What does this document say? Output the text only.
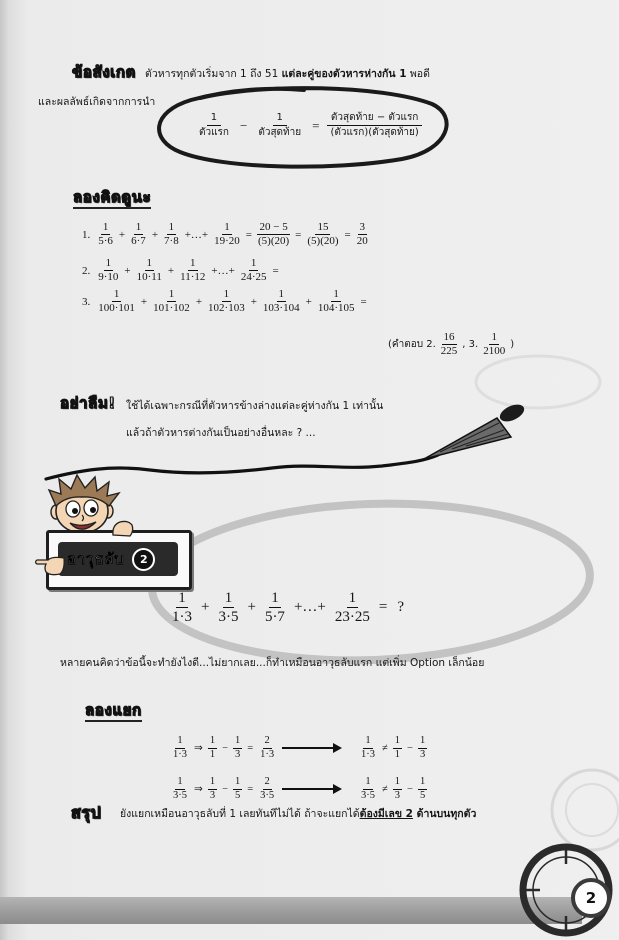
ข้อสังเกต ตัวหารทุกตัวเริ่มจาก 1 ถึง 51 แต่ละคู่ของตัวหารห่างกัน 1 พอดี
และผลลัพธ์เกิดจากการนำ
$\frac{1}{\text{ตัวแรก}} - \frac{1}{\text{ตัวสุดท้าย}} = \frac{\text{ตัวสุดท้าย − ตัวแรก}}{\text{(ตัวแรก)(ตัวสุดท้าย)}}$
ลองคิดดูนะ
1. $\frac{1}{5\cdot 6} + \frac{1}{6\cdot 7} + \frac{1}{7\cdot 8}$ +…+ $\frac{1}{19\cdot 20} = \frac{20 - 5}{(5)(20)} = \frac{15}{(5)(20)} = \frac{3}{20}$
2. $\frac{1}{9\cdot 10} + \frac{1}{10\cdot 11} + \frac{1}{11\cdot 12}$ +…+ $\frac{1}{24\cdot 25}$ =
3. $\frac{1}{100\cdot 101} + \frac{1}{101\cdot 102} + \frac{1}{102\cdot 103} + \frac{1}{103\cdot 104} + \frac{1}{104\cdot 105}$ =
(คำตอบ 2. $\frac{16}{225}$ , 3. $\frac{1}{2100}$ )
อย่าลืม! ใช้ได้เฉพาะกรณีที่ตัวหารข้างล่างแต่ละคู่ห่างกัน 1 เท่านั้น
แล้วถ้าตัวหารต่างกันเป็นอย่างอื่นหละ ? ...
อาวุธลับ	2
$\frac{1}{1\cdot 3} + \frac{1}{3\cdot 5} + \frac{1}{5\cdot 7}$ +…+ $\frac{1}{23\cdot 25}$ = ?
หลายคนคิดว่าข้อนี้จะทำยังไงดี...ไม่ยากเลย...ก็ทำเหมือนอาวุธลับแรก แต่เพิ่ม Option เล็กน้อย
ลองแยก
$\frac{1}{1\cdot 3}$ ⇒ $\frac{1}{1} - \frac{1}{3} = \frac{2}{1\cdot 3}$	$\frac{1}{1\cdot 3} \ne \frac{1}{1} - \frac{1}{3}$
$\frac{1}{3\cdot 5}$ ⇒ $\frac{1}{3} - \frac{1}{5} = \frac{2}{3\cdot 5}$	$\frac{1}{3\cdot 5} \ne \frac{1}{3} - \frac{1}{5}$
สรุป ยังแยกเหมือนอาวุธลับที่ 1 เลยทันทีไม่ได้ ถ้าจะแยกได้ต้องมีเลข 2 ด้านบนทุกตัว
2
